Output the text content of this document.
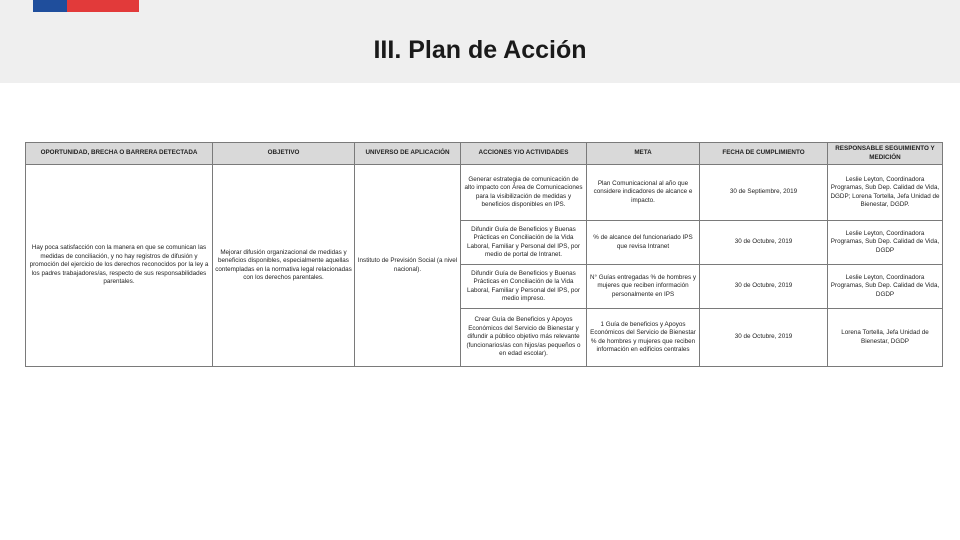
III. Plan de Acción
OPORTUNIDAD, BRECHA O BARRERA DETECTADA	OBJETIVO	UNIVERSO DE APLICACIÓN	ACCIONES Y/O ACTIVIDADES	META	FECHA DE CUMPLIMIENTO	RESPONSABLE SEGUIMIENTO Y MEDICIÓN
Hay poca satisfacción con la manera en que se comunican las medidas de conciliación, y no hay registros de difusión y promoción del ejercicio de los derechos reconocidos por la ley a los padres trabajadores/as, respecto de sus responsabilidades parentales.	Mejorar difusión organizacional de medidas y beneficios disponibles, especialmente aquellas contempladas en la normativa legal relacionadas con los derechos parentales.	Instituto de Previsión Social (a nivel nacional).	Generar estrategia de comunicación de alto impacto con Área de Comunicaciones para la visibilización de medidas y beneficios disponibles en IPS.	Plan Comunicacional al año que considere indicadores de alcance e impacto.	30 de Septiembre, 2019	Leslie Leyton, Coordinadora Programas, Sub Dep. Calidad de Vida, DGDP; Lorena Tortella, Jefa Unidad de Bienestar, DGDP.
			Difundir Guía de Beneficios y Buenas Prácticas en Conciliación de la Vida Laboral, Familiar y Personal del IPS, por medio de portal de Intranet.	% de alcance del funcionariado IPS que revisa Intranet	30 de Octubre, 2019	Leslie Leyton, Coordinadora Programas, Sub Dep. Calidad de Vida, DGDP
			Difundir Guía de Beneficios y Buenas Prácticas en Conciliación de la Vida Laboral, Familiar y Personal del IPS, por medio impreso.	N° Guías entregadas % de hombres y mujeres que reciben información personalmente en IPS	30 de Octubre, 2019	Leslie Leyton, Coordinadora Programas, Sub Dep. Calidad de Vida, DGDP
			Crear Guía de Beneficios y Apoyos Económicos del Servicio de Bienestar y difundir a público objetivo más relevante (funcionarios/as con hijos/as pequeños o en edad escolar).	1 Guía de beneficios y Apoyos Económicos del Servicio de Bienestar % de hombres y mujeres que reciben información en edificios centrales	30 de Octubre, 2019	Lorena Tortella, Jefa Unidad de Bienestar, DGDP
